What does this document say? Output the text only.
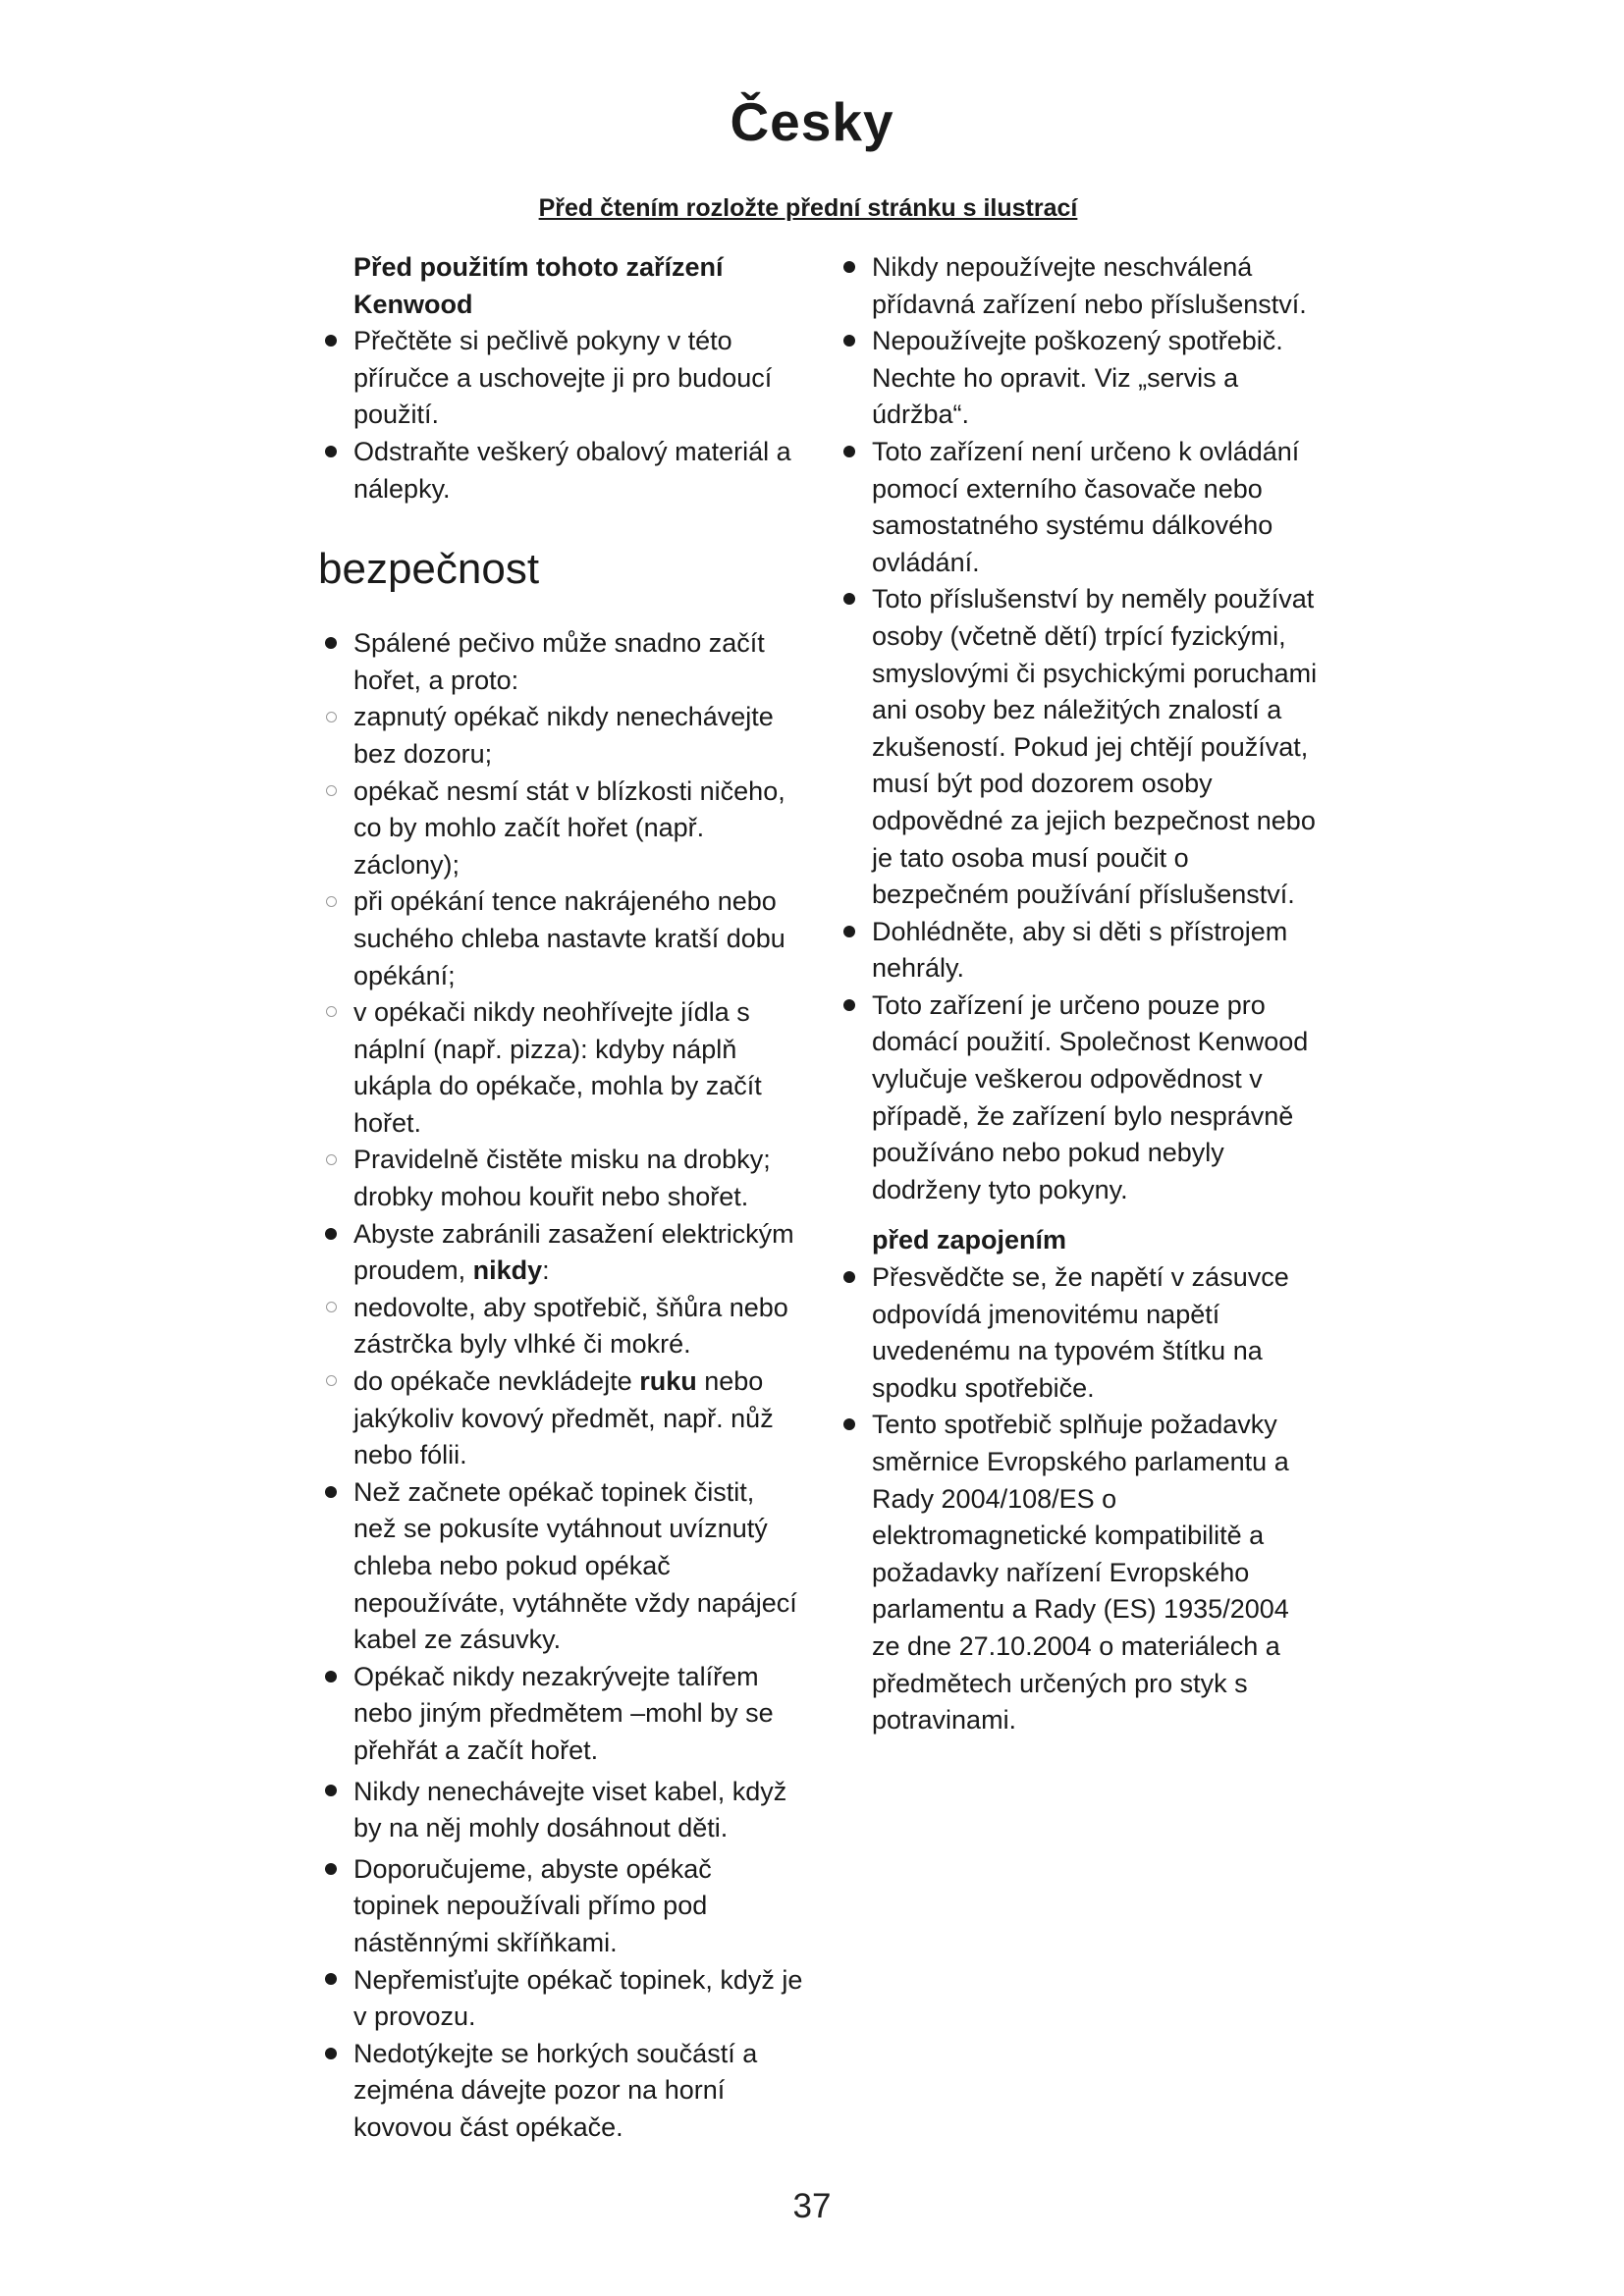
Česky
Před čtením rozložte přední stránku s ilustrací
Před použitím tohoto zařízení Kenwood
Přečtěte si pečlivě pokyny v této příručce a uschovejte ji pro budoucí použití.
Odstraňte veškerý obalový materiál a nálepky.
bezpečnost
Spálené pečivo může snadno začít hořet, a proto:
zapnutý opékač nikdy nenechávejte bez dozoru;
opékač nesmí stát v blízkosti ničeho, co by mohlo začít hořet (např. záclony);
při opékání tence nakrájeného nebo suchého chleba nastavte kratší dobu opékání;
v opékači nikdy neohřívejte jídla s náplní (např. pizza): kdyby náplň ukápla do opékače, mohla by začít hořet.
Pravidelně čistěte misku na drobky; drobky mohou kouřit nebo shořet.
Abyste zabránili zasažení elektrickým proudem, nikdy:
nedovolte, aby spotřebič, šňůra nebo zástrčka byly vlhké či mokré.
do opékače nevkládejte ruku nebo jakýkoliv kovový předmět, např. nůž nebo fólii.
Než začnete opékač topinek čistit, než se pokusíte vytáhnout uvíznutý chleba nebo pokud opékač nepoužíváte, vytáhněte vždy napájecí kabel ze zásuvky.
Opékač nikdy nezakrývejte talířem nebo jiným předmětem –mohl by se přehřát a začít hořet.
Nikdy nenechávejte viset kabel, když by na něj mohly dosáhnout děti.
Doporučujeme, abyste opékač topinek nepoužívali přímo pod nástěnnými skříňkami.
Nepřemisťujte opékač topinek, když je v provozu.
Nedotýkejte se horkých součástí a zejména dávejte pozor na horní kovovou část opékače.
Nikdy nepoužívejte neschválená přídavná zařízení nebo příslušenství.
Nepoužívejte poškozený spotřebič. Nechte ho opravit. Viz „servis a údržba“.
Toto zařízení není určeno k ovládání pomocí externího časovače nebo samostatného systému dálkového ovládání.
Toto příslušenství by neměly používat osoby (včetně dětí) trpící fyzickými, smyslovými či psychickými poruchami ani osoby bez náležitých znalostí a zkušeností. Pokud jej chtějí používat, musí být pod dozorem osoby odpovědné za jejich bezpečnost nebo je tato osoba musí poučit o bezpečném používání příslušenství.
Dohlédněte, aby si děti s přístrojem nehrály.
Toto zařízení je určeno pouze pro domácí použití. Společnost Kenwood vylučuje veškerou odpovědnost v případě, že zařízení bylo nesprávně používáno nebo pokud nebyly dodrženy tyto pokyny.
před zapojením
Přesvědčte se, že napětí v zásuvce odpovídá jmenovitému napětí uvedenému na typovém štítku na spodku spotřebiče.
Tento spotřebič splňuje požadavky směrnice Evropského parlamentu a Rady 2004/108/ES o elektromagnetické kompatibilitě a požadavky nařízení Evropského parlamentu a Rady (ES) 1935/2004 ze dne 27.10.2004 o materiálech a předmětech určených pro styk s potravinami.
37
